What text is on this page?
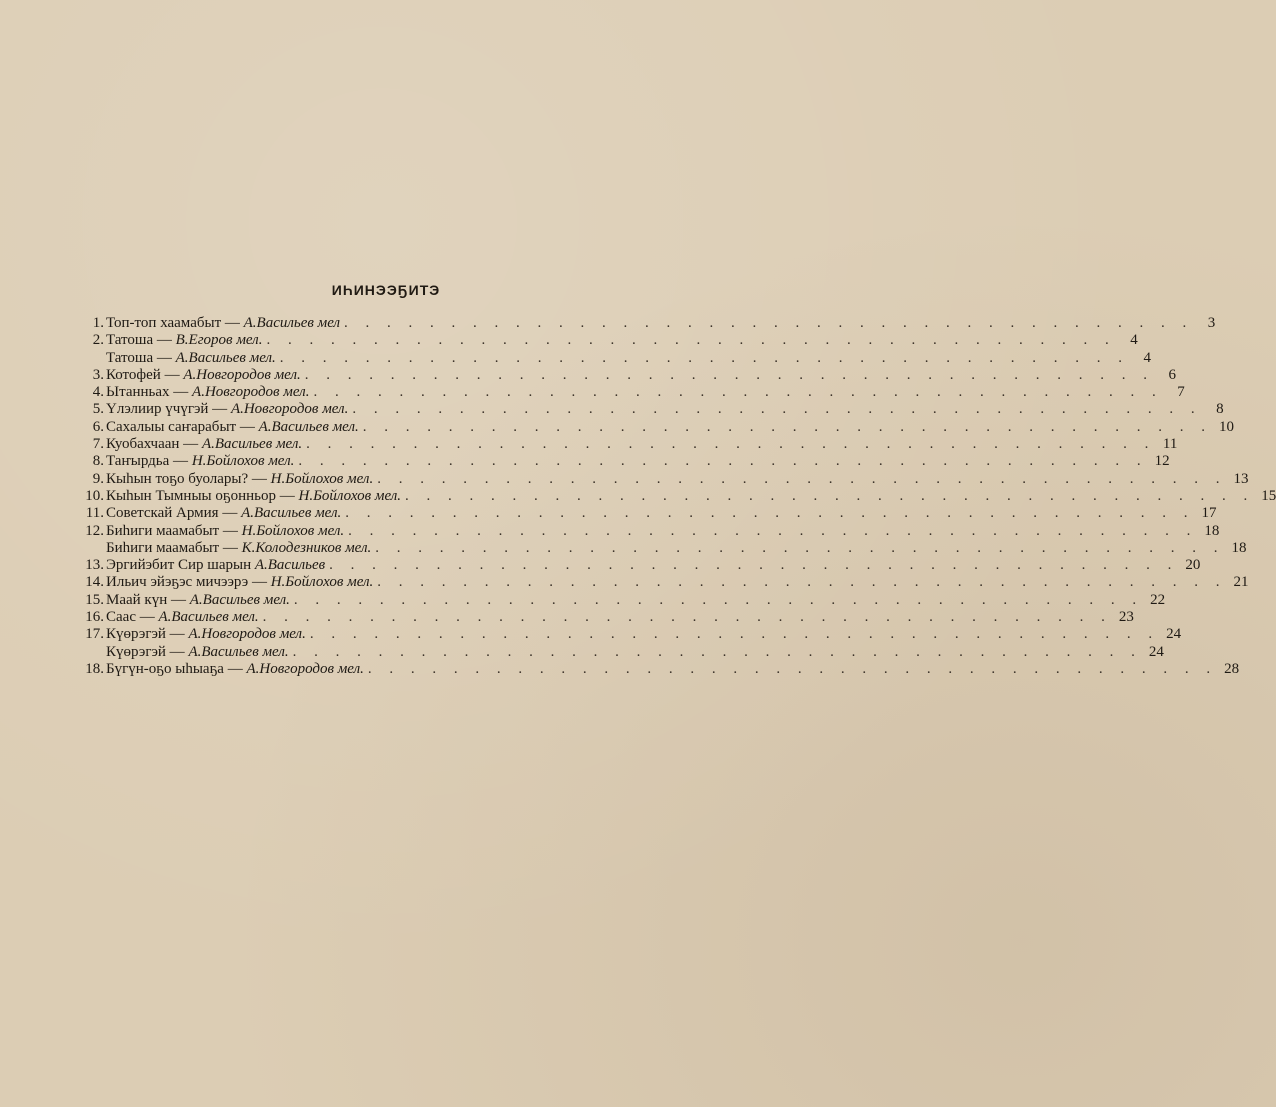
ИҺИНЭЭҔИТЭ
1. Топ-топ хаамабыт — А.Васильев мел . . . . . . . . . . . . . . . . . . . . . . . . . . . . . . . . . . . . . . . . 3
2. Татоша — В.Егоров мел. . . . . . . . . . . . . . . . . . . . . . . . . . . . . . . . . . . . . . . . . 4
Татоша — А.Васильев мел. . . . . . . . . . . . . . . . . . . . . . . . . . . . . . . . . . . . . . . . . 4
3. Котофей — А.Новгородов мел. . . . . . . . . . . . . . . . . . . . . . . . . . . . . . . . . . . . . . . . . 6
4. Ытанньах — А.Новгородов мел. . . . . . . . . . . . . . . . . . . . . . . . . . . . . . . . . . . . . . . . . 7
5. Үлэлиир үчүгэй — А.Новгородов мел. . . . . . . . . . . . . . . . . . . . . . . . . . . . . . . . . . . . . . . . . 8
6. Сахалыы саҥарабыт — А.Васильев мел. . . . . . . . . . . . . . . . . . . . . . . . . . . . . . . . . . . . . . . . . 10
7. Куобахчаан — А.Васильев мел. . . . . . . . . . . . . . . . . . . . . . . . . . . . . . . . . . . . . . . . . 11
8. Таҥырдьа — Н.Бойлохов мел. . . . . . . . . . . . . . . . . . . . . . . . . . . . . . . . . . . . . . . . . 12
9. Кыһын тоҕо буолары? — Н.Бойлохов мел. . . . . . . . . . . . . . . . . . . . . . . . . . . . . . . . . . . . . . . . . 13
10. Кыһын Тымныы оҕонньор — Н.Бойлохов мел. . . . . . . . . . . . . . . . . . . . . . . . . . . . . . . . . . . . . . . . . 15
11. Советскай Армия — А.Васильев мел. . . . . . . . . . . . . . . . . . . . . . . . . . . . . . . . . . . . . . . . . 17
12. Биһиги маамабыт — Н.Бойлохов мел. . . . . . . . . . . . . . . . . . . . . . . . . . . . . . . . . . . . . . . . . 18
Биһиги маамабыт — К.Колодезников мел. . . . . . . . . . . . . . . . . . . . . . . . . . . . . . . . . . . . . . . . . 18
13. Эргийэбит Сир шарын А.Васильев . . . . . . . . . . . . . . . . . . . . . . . . . . . . . . . . . . . . . . . . 20
14. Ильич эйэҕэс мичээрэ — Н.Бойлохов мел. . . . . . . . . . . . . . . . . . . . . . . . . . . . . . . . . . . . . . . . . 21
15. Маай күн — А.Васильев мел. . . . . . . . . . . . . . . . . . . . . . . . . . . . . . . . . . . . . . . . . 22
16. Саас — А.Васильев мел. . . . . . . . . . . . . . . . . . . . . . . . . . . . . . . . . . . . . . . . . 23
17. Күөрэгэй — А.Новгородов мел. . . . . . . . . . . . . . . . . . . . . . . . . . . . . . . . . . . . . . . . . 24
Күөрэгэй — А.Васильев мел. . . . . . . . . . . . . . . . . . . . . . . . . . . . . . . . . . . . . . . . . 24
18. Бүгүн-оҕо ыһыаҕа — А.Новгородов мел. . . . . . . . . . . . . . . . . . . . . . . . . . . . . . . . . . . . . . . . . 28
